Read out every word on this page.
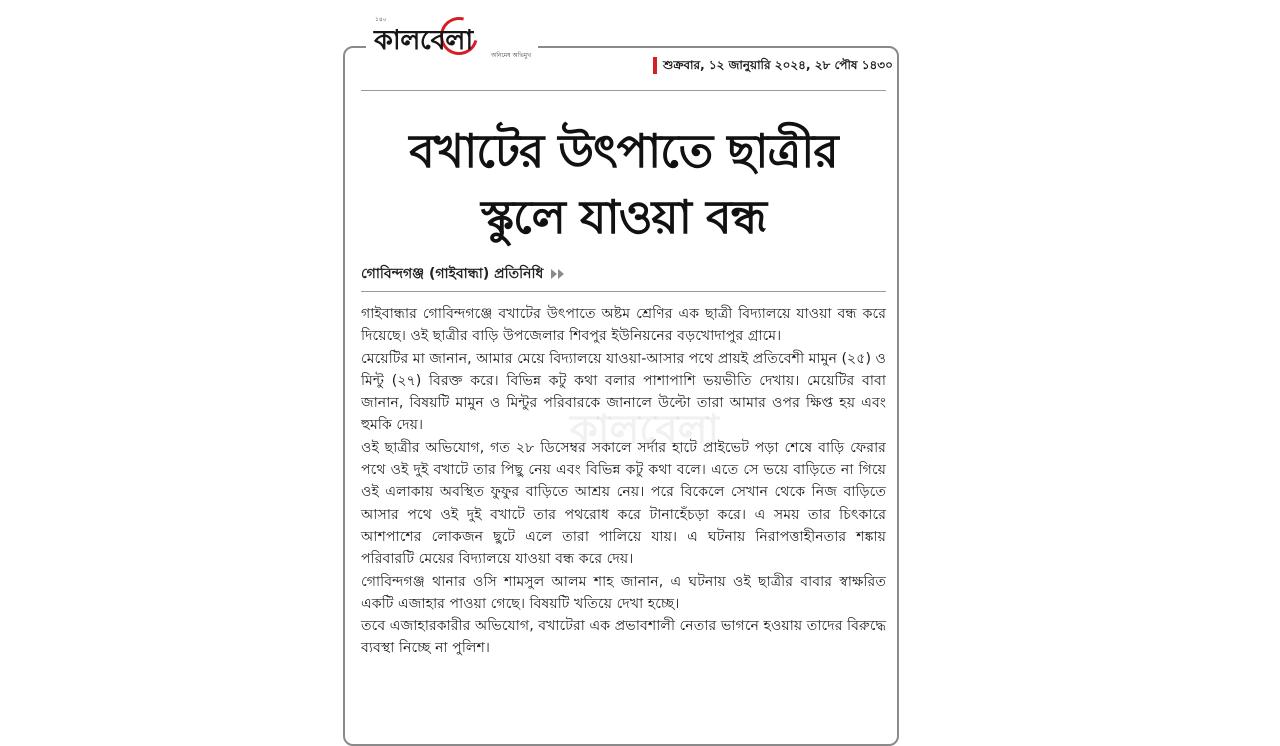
১৪০
কালবেলা	অনিমেষ অভিমুখ
শুক্রবার, ১২ জানুয়ারি ২০২৪, ২৮ পৌষ ১৪৩০
বখাটের উৎপাতে ছাত্রীর
স্কুলে যাওয়া বন্ধ
গোবিন্দগঞ্জ (গাইবান্ধা) প্রতিনিধি

গাইবান্ধার গোবিন্দগঞ্জে বখাটের উৎপাতে অষ্টম শ্রেণির এক ছাত্রী বিদ্যালয়ে যাওয়া বন্ধ করে দিয়েছে। ওই ছাত্রীর বাড়ি উপজেলার শিবপুর ইউনিয়নের বড়খোদাপুর গ্রামে।

মেয়েটির মা জানান, আমার মেয়ে বিদ্যালয়ে যাওয়া-আসার পথে প্রায়ই প্রতিবেশী মামুন (২৫) ও মিন্টু (২৭) বিরক্ত করে। বিভিন্ন কটু কথা বলার পাশাপাশি ভয়ভীতি দেখায়। মেয়েটির বাবা জানান, বিষয়টি মামুন ও মিন্টুর পরিবারকে জানালে উল্টো তারা আমার ওপর ক্ষিপ্ত হয় এবং হুমকি দেয়।

ওই ছাত্রীর অভিযোগ, গত ২৮ ডিসেম্বর সকালে সর্দার হাটে প্রাইভেট পড়া শেষে বাড়ি ফেরার পথে ওই দুই বখাটে তার পিছু নেয় এবং বিভিন্ন কটু কথা বলে। এতে সে ভয়ে বাড়িতে না গিয়ে ওই এলাকায় অবস্থিত ফুফুর বাড়িতে আশ্রয় নেয়। পরে বিকেলে সেখান থেকে নিজ বাড়িতে আসার পথে ওই দুই বখাটে তার পথরোধ করে টানাহেঁচড়া করে। এ সময় তার চিৎকারে আশপাশের লোকজন ছুটে এলে তারা পালিয়ে যায়। এ ঘটনায় নিরাপত্তাহীনতার শঙ্কায় পরিবারটি মেয়ের বিদ্যালয়ে যাওয়া বন্ধ করে দেয়।

গোবিন্দগঞ্জ থানার ওসি শামসুল আলম শাহ জানান, এ ঘটনায় ওই ছাত্রীর বাবার স্বাক্ষরিত একটি এজাহার পাওয়া গেছে। বিষয়টি খতিয়ে দেখা হচ্ছে।

তবে এজাহারকারীর অভিযোগ, বখাটেরা এক প্রভাবশালী নেতার ভাগনে হওয়ায় তাদের বিরুদ্ধে ব্যবস্থা নিচ্ছে না পুলিশ।
